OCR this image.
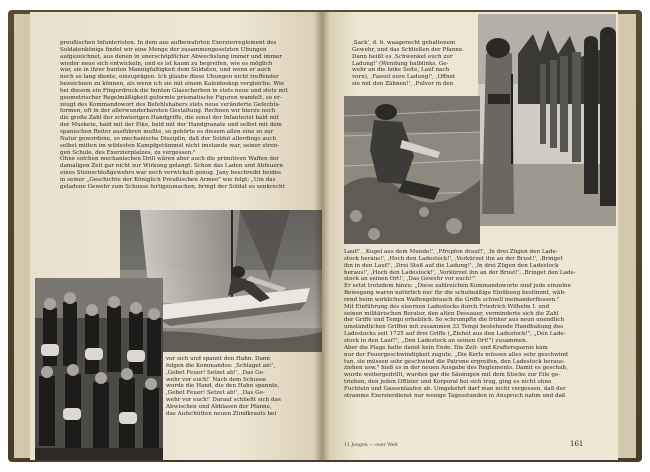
preußischen Infanteristen. In dem aus aufbewahrten Exerzierreglement des
Soldatenkönigs findet wir eine Menge der zusammengesetzten Übungen
aufgezeichnet, aus denen in unerschöpflicher Abwechslung immer und immer
wieder neue sich entwickeln, und es ist kaum zu begreifen, wie es möglich
war, sie in ihrer bunten Mannigfaltigkeit dem Soldaten, und wenn er auch
noch so lang diente, einzuprägen. Ich glaube diese Übungen nicht treffender
bezeichnen zu können, als wenn ich sie mit einem Kaleidoskop vergleiche. Wie
bei diesem ein Fingerdruck die bunten Glasscherben in stets neue und stets mit
geometrischer Regelmäßigkeit geformte prismatische Figuren wandelt, so er-
zeugt des Kommandowort des Befehlshabers stets neue veränderte Gefechts-
formen, oft in der allerwunderbarsten Gestaltung. Rechnen wir hierzu noch
die große Zahl der schwierigen Handgriffe, die sonst der Infanterist bald mit
der Muskete, bald mit der Pike, bald mit der Handgranate und selbst mit dem
spanischen Reiter ausführen mußte, so gehörte es diesem allen eine so zur
Natur gewordene, so mechanische Disziplin, daß der Soldat allerdings auch
selbst mitten im wildesten Kampfgetümmel nicht imstande war, seiner stren-
gen Schule, des Exerzierplatzes, zu vergessen."
Ohne solchen mechanischen Drill wären aber auch die primitiven Waffen der
damaligen Zeit gar nicht zur Wirkung gelangt. Schon das Laden und Abfeuern
eines Steinschloßgewehrs war noch verwickelt genug. Jany beschreibt beides
in seiner „Geschichte der Königlich Preußischen Armee" wie folgt: „Um das
geladene Gewehr zum Schusse fertigzumachen, bringt der Soldat es senkrecht
vor sich und spannt den Hahn. Dann
folgen die Kommandos: ‚Schlaget an!',
‚Gebet Feuer! Setzet ab!', ‚Das Ge-
wehr vor euch!' Nach dem Schusse
wurde die Hand, die den Hahn spannte,
‚Gebet Feuer! Setzet ab!', ‚Das Ge-
wehr vor euch!' Darauf schließt sich das
Abwischen und Abblasen der Pfanne,
das Aufschütten neuen Zündkrauts bei
‚Sack', d. h. waagerecht gehaltenem
Gewehr, und das Schließen der Pfanne.
Dann heißt es ‚Schwenket euch zur
Ladung!' (Wendung halblinks. Ge-
wehr an die linke Seite, Lauf nach
vorn), ‚Fasset eure Ladung!', ‚Öffnet
sie mit den Zähnen!', ‚Pulver in den
Lauf!', ‚Kugel aus dem Munde!', ‚Pfropfen drauf!', ‚In drei Zügen den Lade-
stock heraus!', ‚Hoch den Ladestock!', ‚Verkürzet ihn an der Brust!', ‚Bringet
ihn in den Lauf!', ‚Drei Stoß auf die Ladung!', ‚In drei Zügen den Ladestock
heraus!', ‚Hoch den Ladestock!', ‚Verkürzet ihn an der Brust!', ‚Bringet den Lade-
stock an seinen Ort!', ‚Das Gewehr vor euch!'"
Er setzt trotzdem hinzu: „Diese zahlreichen Kommandoworte sind jede einzelne
Bewegung waren natürlich nur für die schulmäßige Einübung bestimmt, wäh-
rend beim wirklichen Waffengebrauch die Griffe schnell ineinanderflossen."
Mit Einführung des eisernen Ladestocks durch Friedrich Wilhelm I. und
seinen militärischen Berater, den alten Dessauer, verminderte sich die Zahl
der Griffe und Tempi erheblich. So schrumpfte die früher aus neun unendlich
umständlichen Griffen mit zusammen 33 Tempi bestehende Handhabung des
Ladestocks seit 1725 auf drei Griffe („Ziehet aus den Ladestock!", „Den Lade-
stock in den Lauf!", „Den Ladestock an seinen Ort!") zusammen.
Aber die Plage hatte damit kein Ende. Die Zeit- und Kraftersparnis kam
nur der Feuergeschwindigkeit zugute. „Die Kerls müssen alles sehr geschwind
tun, sie müssen sehr geschwind die Patrone ergreifen, den Ladestock heraus-
ziehen usw." hieß es in der neuen Ausgabe des Reglements. Damit es geschah,
wurde weitergedrillt, wurden gar die Säumigen mit dem Stocke zur Eile ge-
trieben, den jeden Offizier und Korporal bei sich trug, ging es nicht ohne
Fuchteln und Gassenlaufen ab. Umgekehrt darf man nicht vergessen, daß der
stramme Exerzierdienst nur wenige Tagesstunden in Anspruch nahm und daß
11 Jungen — euer Welt	161
